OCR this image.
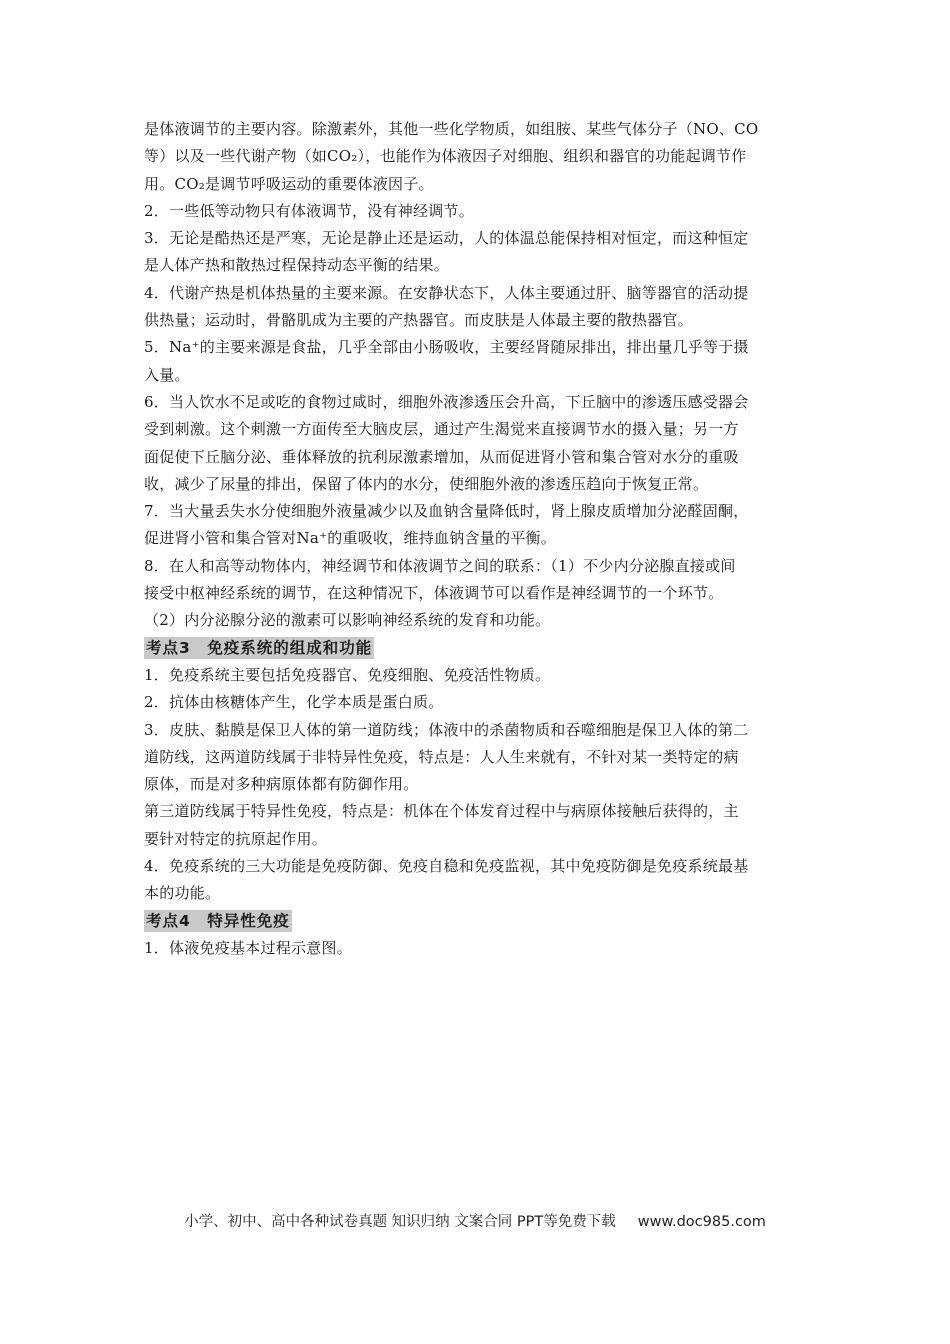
是体液调节的主要内容。除激素外，其他一些化学物质，如组胺、某些气体分子（NO、CO
等）以及一些代谢产物（如CO₂），也能作为体液因子对细胞、组织和器官的功能起调节作
用。CO₂是调节呼吸运动的重要体液因子。
2．一些低等动物只有体液调节，没有神经调节。
3．无论是酷热还是严寒，无论是静止还是运动，人的体温总能保持相对恒定，而这种恒定
是人体产热和散热过程保持动态平衡的结果。
4．代谢产热是机体热量的主要来源。在安静状态下，人体主要通过肝、脑等器官的活动提
供热量；运动时，骨骼肌成为主要的产热器官。而皮肤是人体最主要的散热器官。
5．Na⁺的主要来源是食盐，几乎全部由小肠吸收，主要经肾随尿排出，排出量几乎等于摄
入量。
6．当人饮水不足或吃的食物过咸时，细胞外液渗透压会升高，下丘脑中的渗透压感受器会
受到刺激。这个刺激一方面传至大脑皮层，通过产生渴觉来直接调节水的摄入量；另一方
面促使下丘脑分泌、垂体释放的抗利尿激素增加，从而促进肾小管和集合管对水分的重吸
收，减少了尿量的排出，保留了体内的水分，使细胞外液的渗透压趋向于恢复正常。
7．当大量丢失水分使细胞外液量减少以及血钠含量降低时，肾上腺皮质增加分泌醛固酮，
促进肾小管和集合管对Na⁺的重吸收，维持血钠含量的平衡。
8．在人和高等动物体内，神经调节和体液调节之间的联系：（1）不少内分泌腺直接或间
接受中枢神经系统的调节，在这种情况下，体液调节可以看作是神经调节的一个环节。
（2）内分泌腺分泌的激素可以影响神经系统的发育和功能。
考点3　免疫系统的组成和功能
1．免疫系统主要包括免疫器官、免疫细胞、免疫活性物质。
2．抗体由核糖体产生，化学本质是蛋白质。
3．皮肤、黏膜是保卫人体的第一道防线；体液中的杀菌物质和吞噬细胞是保卫人体的第二
道防线，这两道防线属于非特异性免疫，特点是：人人生来就有，不针对某一类特定的病
原体，而是对多种病原体都有防御作用。
第三道防线属于特异性免疫，特点是：机体在个体发育过程中与病原体接触后获得的，主
要针对特定的抗原起作用。
4．免疫系统的三大功能是免疫防御、免疫自稳和免疫监视，其中免疫防御是免疫系统最基
本的功能。
考点4　特异性免疫
1．体液免疫基本过程示意图。
小学、初中、高中各种试卷真题 知识归纳 文案合同 PPT等免费下载 www.doc985.com
